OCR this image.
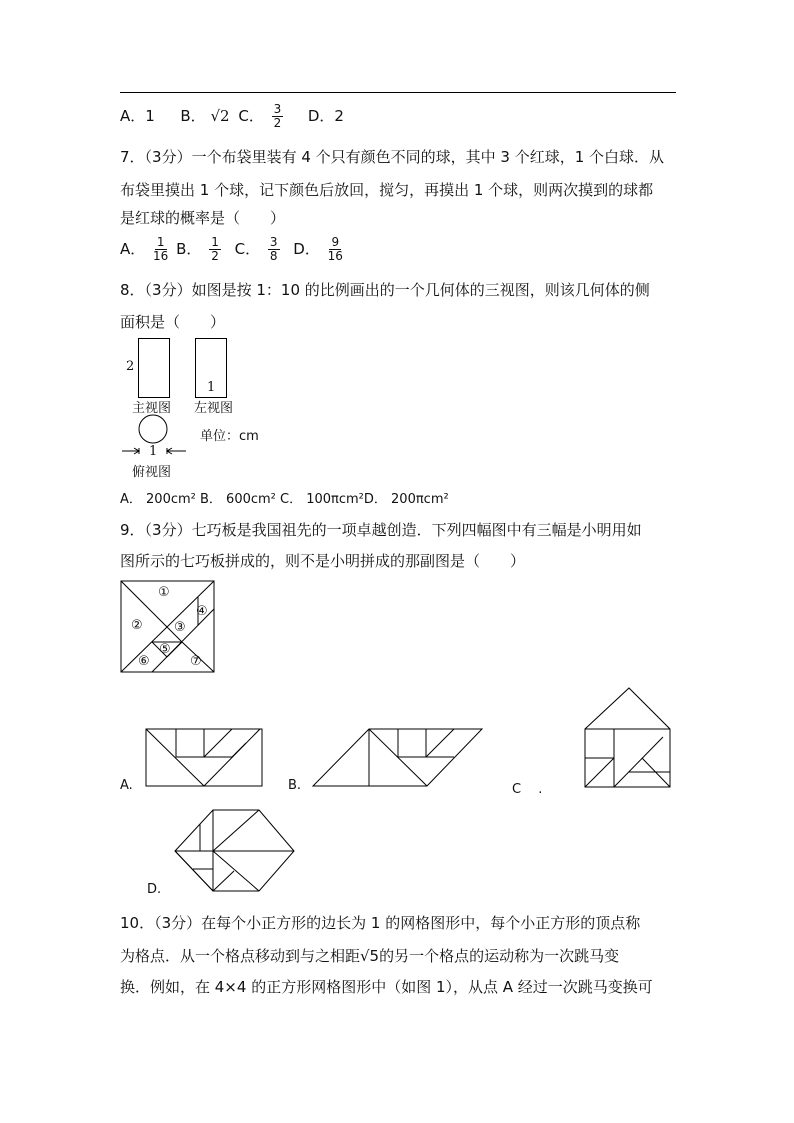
A．1 B． √2 C． $\frac{3}{2}$ D．2
7．（3分）一个布袋里装有 4 个只有颜色不同的球，其中 3 个红球，1 个白球．从
布袋里摸出 1 个球，记下颜色后放回，搅匀，再摸出 1 个球，则两次摸到的球都
是红球的概率是（　　）
A． $\frac{1}{16}$ B． $\frac{1}{2}$ C． $\frac{3}{8}$ D． $\frac{9}{16}$
8．（3分）如图是按 1：10 的比例画出的一个几何体的三视图，则该几何体的侧
面积是（　　）
2
1
主视图 左视图
1
俯视图
单位：cm
A． 200cm² B． 600cm² C． 100πcm²D． 200πcm²
9．（3分）七巧板是我国祖先的一项卓越创造．下列四幅图中有三幅是小明用如
图所示的七巧板拼成的，则不是小明拼成的那副图是（　　）
①
② ③
④
⑤
⑥	⑦
A.	B.	C　 .
D.
10．（3分）在每个小正方形的边长为 1 的网格图形中，每个小正方形的顶点称
为格点．从一个格点移动到与之相距√5的另一个格点的运动称为一次跳马变
换．例如，在 4×4 的正方形网格图形中（如图 1），从点 A 经过一次跳马变换可
